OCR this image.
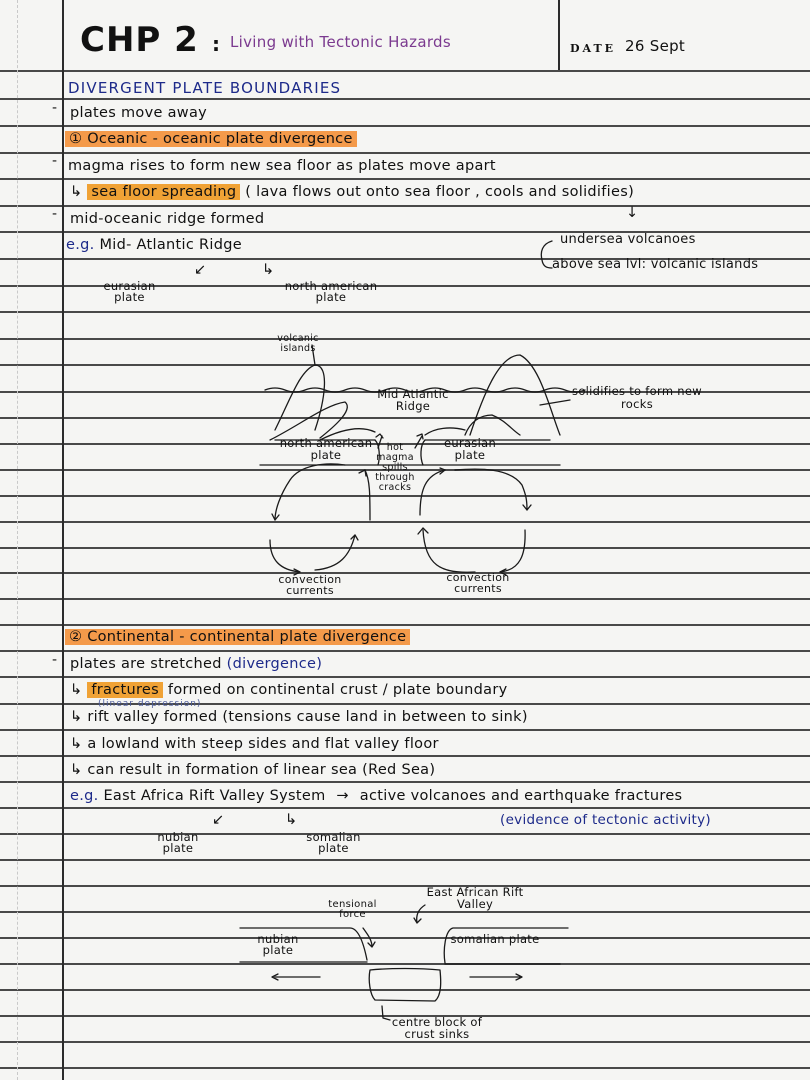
CHP 2 : Living with Tectonic Hazards	DATE 26 Sept
DIVERGENT PLATE BOUNDARIES
- plates move away
① Oceanic - oceanic plate divergence
- magma rises to form new sea floor as plates move apart
↳ sea floor spreading ( lava flows out onto sea floor , cools and solidifies)
- mid-oceanic ridge formed	↓
e.g. Mid- Atlantic Ridge	undersea volcanoes
above sea lvl: volcanic islands
↙	↳
eurasian plate
north american plate
volcanic islands
Mid Atlantic Ridge
solidifies to form new rocks
north american plate
eurasian plate
hot magma spills through cracks
convection currents
convection currents
② Continental - continental plate divergence
- plates are stretched (divergence)
↳ fractures formed on continental crust / plate boundary
(linear depression)
↳ rift valley formed (tensions cause land in between to sink)
↳ a lowland with steep sides and flat valley floor
↳ can result in formation of linear sea (Red Sea)
e.g. East Africa Rift Valley System → active volcanoes and earthquake fractures
(evidence of tectonic activity)
↙	↳
nubian plate
somalian plate
tensional force
East African Rift Valley
nubian plate
somalian plate
centre block of crust sinks
